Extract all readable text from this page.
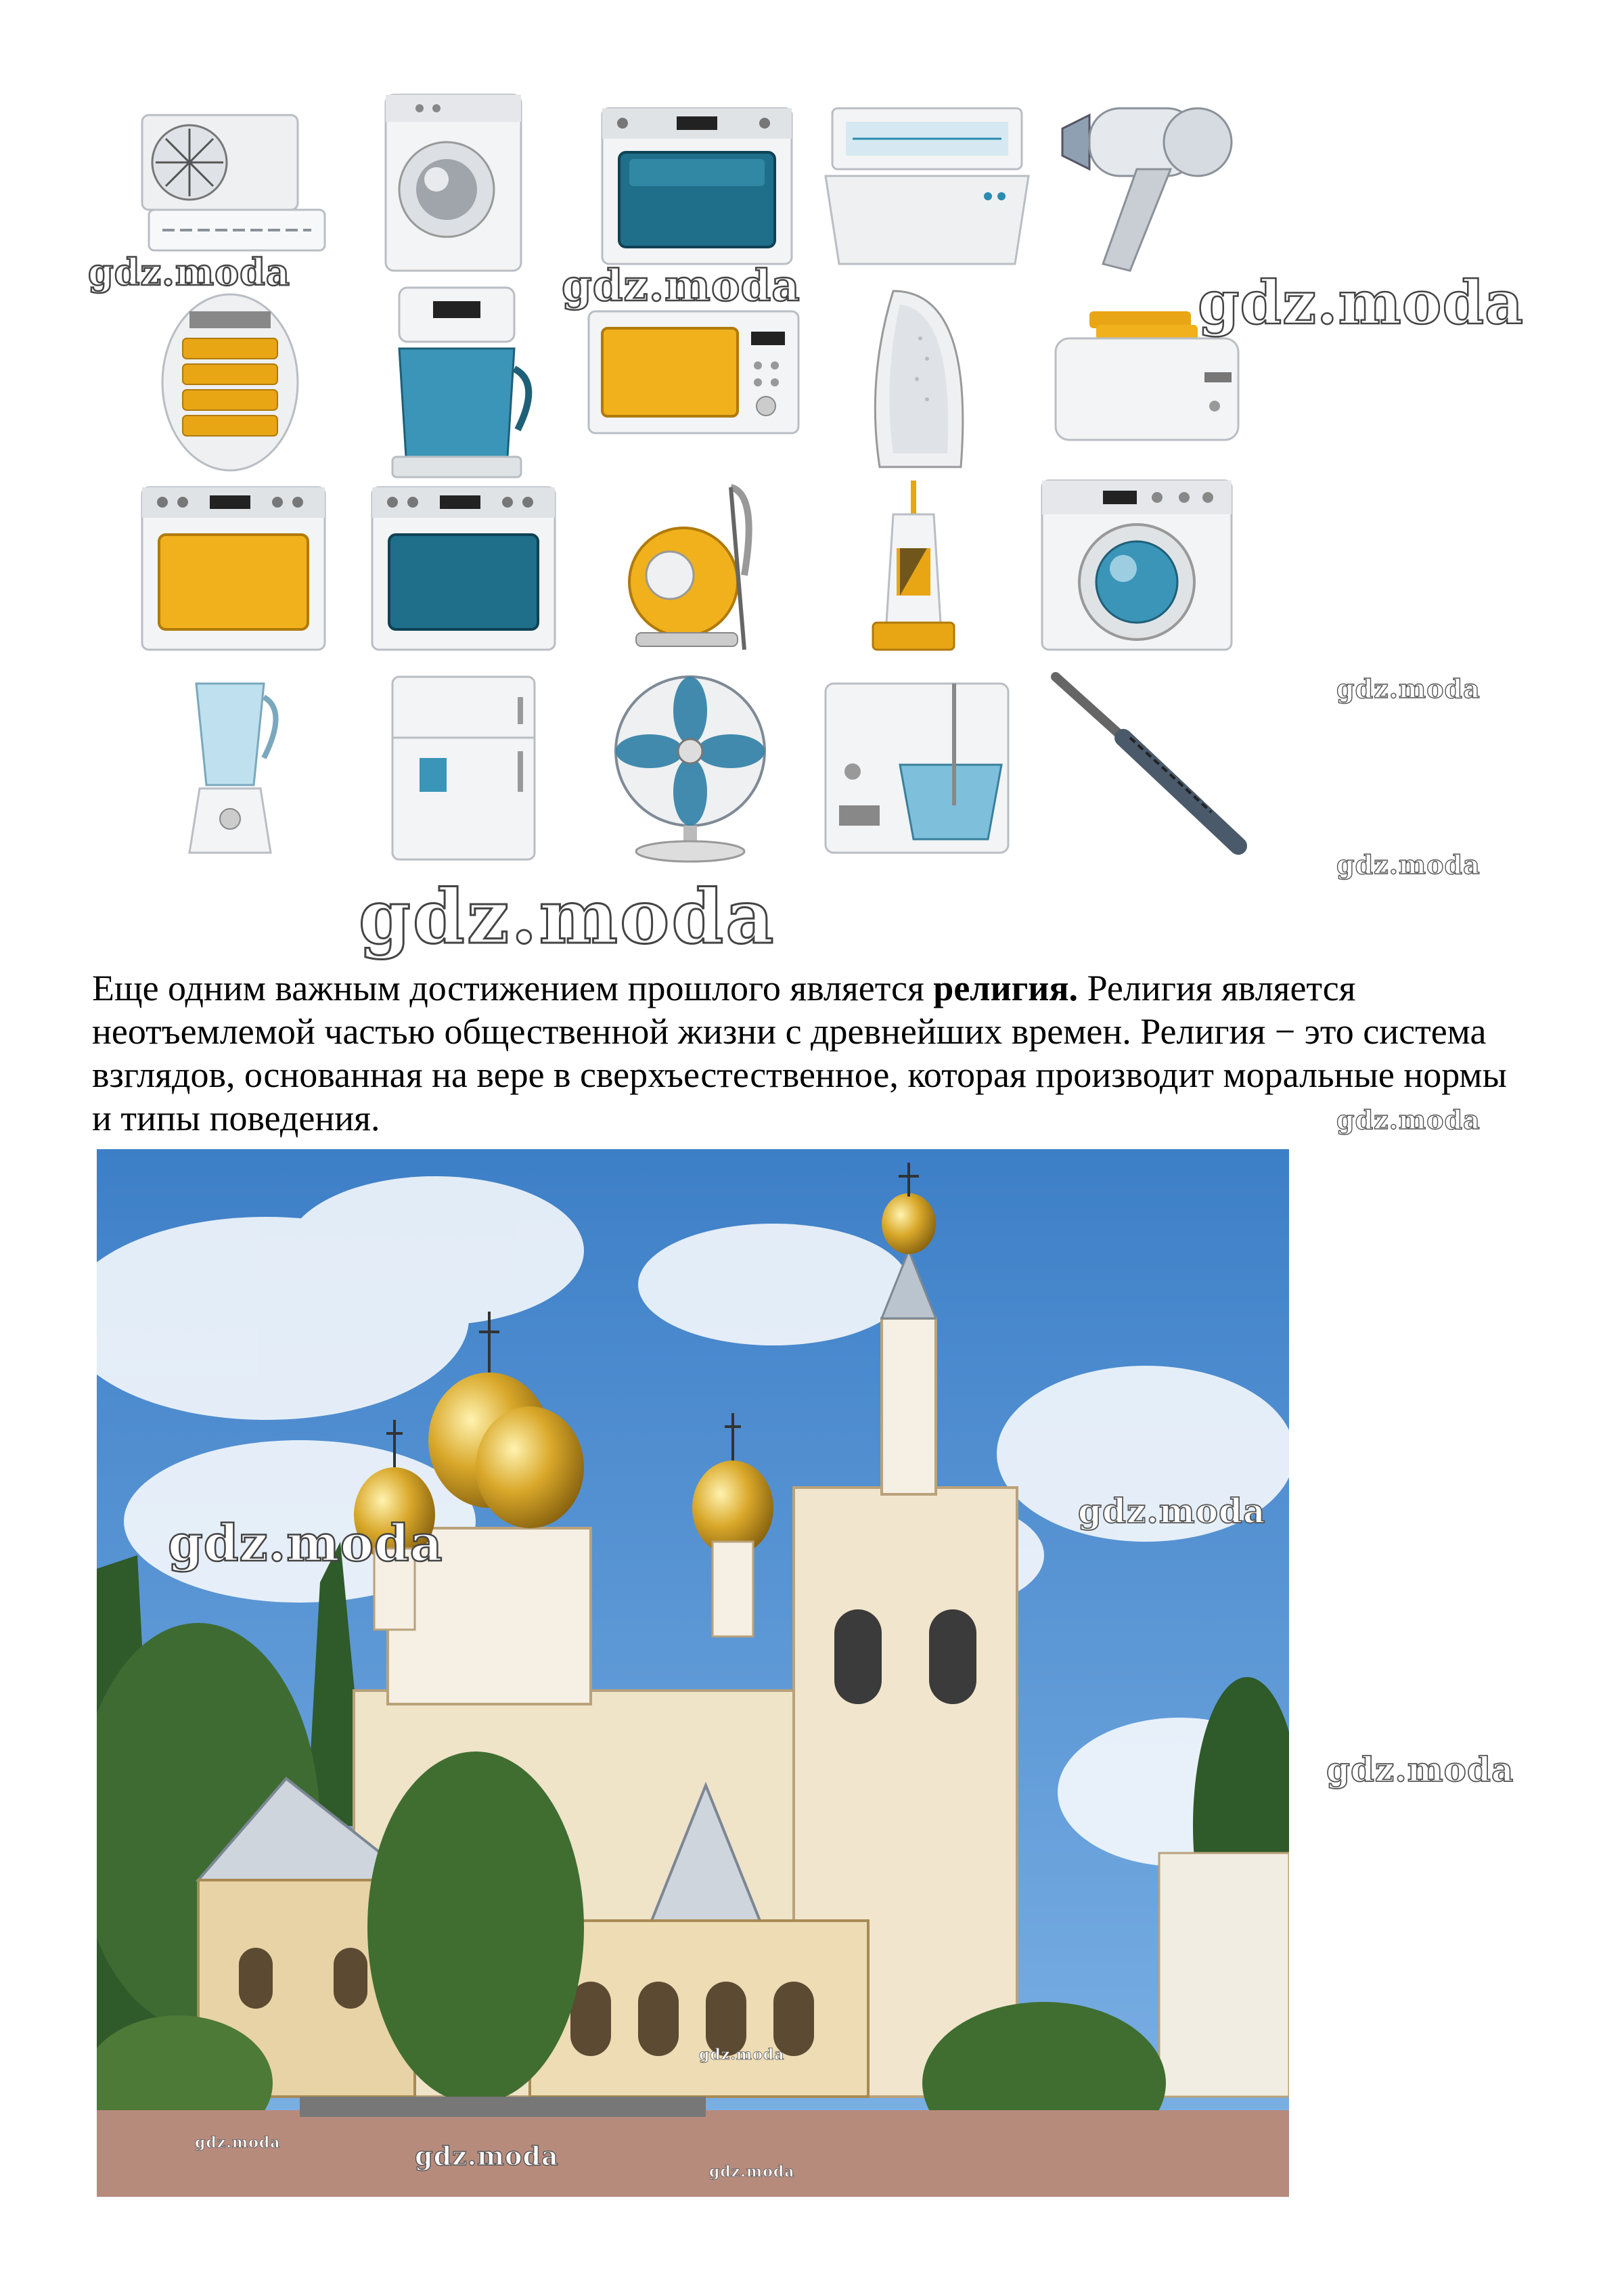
gdz.moda	gdz.moda	gdz.moda
gdz.moda
gdz.moda
gdz.moda

Еще одним важным достижением прошлого является религия. Религия является неотъемлемой частью общественной жизни с древнейших времен. Религия − это система взглядов, основанная на вере в сверхъестественное, которая производит моральные нормы и типы поведения.	gdz.moda
gdz.moda
gdz.moda
gdz.moda
gdz.moda	gdz.moda
gdz.moda
gdz.moda
